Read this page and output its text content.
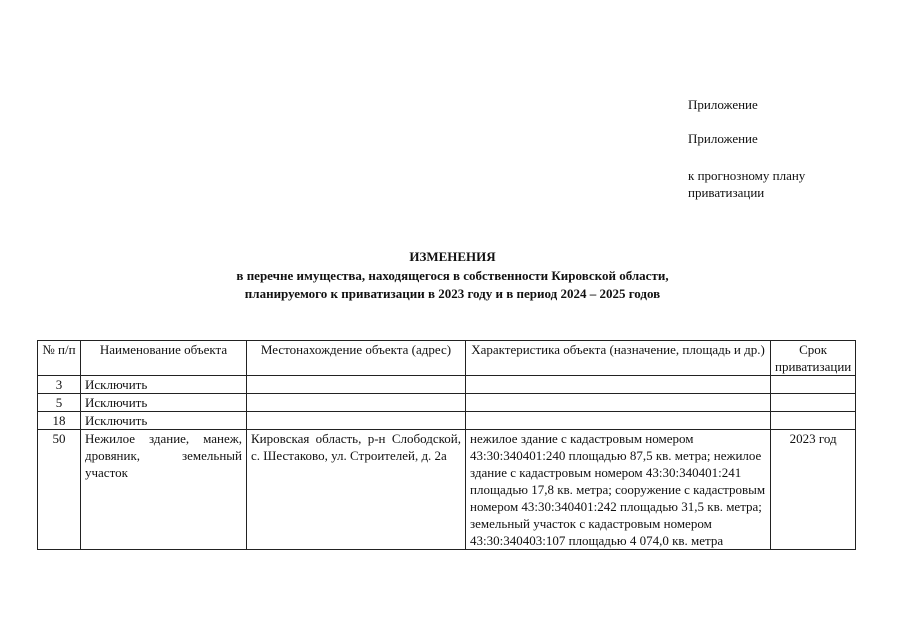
Приложение
Приложение
к прогнозному плану приватизации
ИЗМЕНЕНИЯ
в перечне имущества, находящегося в собственности Кировской области,
планируемого к приватизации в 2023 году и в период 2024 – 2025 годов
№ п/п	Наименование объекта	Местонахождение объекта (адрес)	Характеристика объекта (назначение, площадь и др.)	Срок приватизации
3	Исключить			
5	Исключить			
18	Исключить			
50	Нежилое здание, манеж, дровяник, земельный участок	Кировская область, р-н Слободской, с. Шестаково, ул. Строителей, д. 2а	нежилое здание с кадастровым номером 43:30:340401:240 площадью 87,5 кв. метра; нежилое здание с кадастровым номером 43:30:340401:241 площадью 17,8 кв. метра; сооружение с кадастровым номером 43:30:340401:242 площадью 31,5 кв. метра; земельный участок с кадастровым номером 43:30:340403:107 площадью 4 074,0 кв. метра	2023 год
